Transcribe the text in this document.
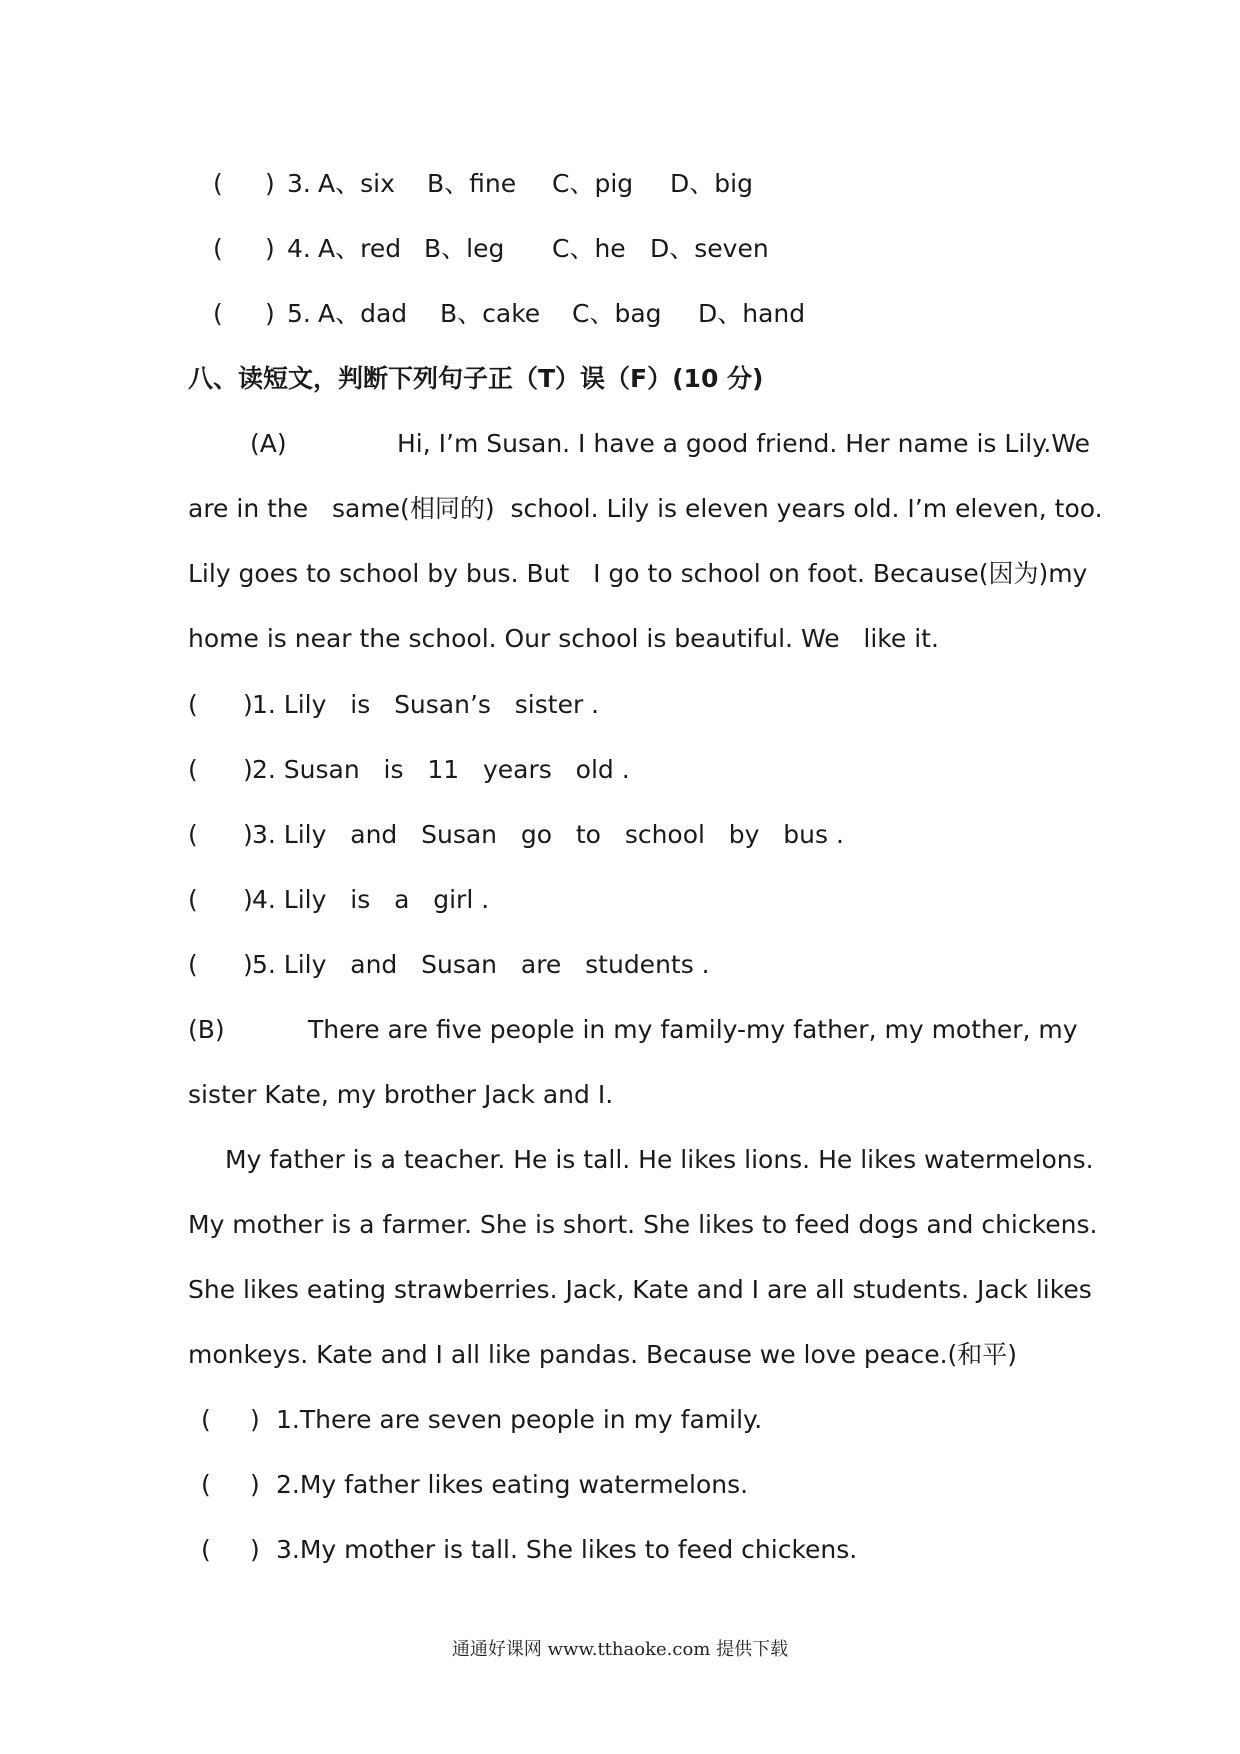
( ) 3. A、six B、fine C、pig D、big
( ) 4. A、red B、leg C、he D、seven
( ) 5. A、dad B、cake C、bag D、hand
八、读短文，判断下列句子正（T）误（F）(10 分)
(A)	Hi, I’m Susan. I have a good friend. Her name is Lily.We
are in the   same(相同的)  school. Lily is eleven years old. I’m eleven, too.
Lily goes to school by bus. But   I go to school on foot. Because(因为)my
home is near the school. Our school is beautiful. We   like it.
( ) 1. Lily   is   Susan’s   sister .
( ) 2. Susan   is   11   years   old .
( ) 3. Lily   and   Susan   go   to   school   by   bus .
( ) 4. Lily   is   a   girl .
( ) 5. Lily   and   Susan   are   students .
(B)	There are five people in my family-my father, my mother, my
sister Kate, my brother Jack and I.
My father is a teacher. He is tall. He likes lions. He likes watermelons.
My mother is a farmer. She is short. She likes to feed dogs and chickens.
She likes eating strawberries. Jack, Kate and I are all students. Jack likes
monkeys. Kate and I all like pandas. Because we love peace.(和平)
( ) 1.There are seven people in my family.
( ) 2.My father likes eating watermelons.
( ) 3.My mother is tall. She likes to feed chickens.
通通好课网 www.tthaoke.com 提供下载
